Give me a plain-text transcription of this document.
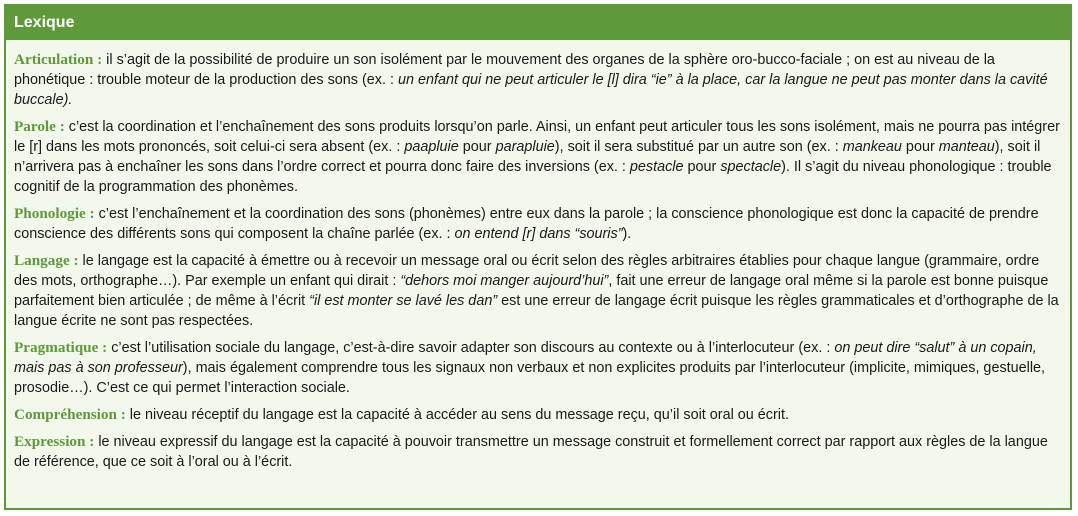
Lexique

Articulation : il s’agit de la possibilité de produire un son isolément par le mouvement des organes de la sphère oro-bucco-faciale ; on est au niveau de la phonétique : trouble moteur de la production des sons (ex. : un enfant qui ne peut articuler le [l] dira “ie” à la place, car la langue ne peut pas monter dans la cavité buccale).

Parole : c’est la coordination et l’enchaînement des sons produits lorsqu’on parle. Ainsi, un enfant peut articuler tous les sons isolément, mais ne pourra pas intégrer le [r] dans les mots prononcés, soit celui-ci sera absent (ex. : paapluie pour parapluie), soit il sera substitué par un autre son (ex. : mankeau pour manteau), soit il n’arrivera pas à enchaîner les sons dans l’ordre correct et pourra donc faire des inversions (ex. : pestacle pour spectacle). Il s’agit du niveau phonologique : trouble cognitif de la programmation des phonèmes.

Phonologie : c’est l’enchaînement et la coordination des sons (phonèmes) entre eux dans la parole ; la conscience phonologique est donc la capacité de prendre conscience des différents sons qui composent la chaîne parlée (ex. : on entend [r] dans “souris”).

Langage : le langage est la capacité à émettre ou à recevoir un message oral ou écrit selon des règles arbitraires établies pour chaque langue (grammaire, ordre des mots, orthographe…). Par exemple un enfant qui dirait : “dehors moi manger aujourd’hui”, fait une erreur de langage oral même si la parole est bonne puisque parfaitement bien articulée ; de même à l’écrit “il est monter se lavé les dan” est une erreur de langage écrit puisque les règles grammaticales et d’orthographe de la langue écrite ne sont pas respectées.

Pragmatique : c’est l’utilisation sociale du langage, c’est-à-dire savoir adapter son discours au contexte ou à l’interlocuteur (ex. : on peut dire “salut” à un copain, mais pas à son professeur), mais également comprendre tous les signaux non verbaux et non explicites produits par l’interlocuteur (implicite, mimiques, gestuelle, prosodie…). C’est ce qui permet l’interaction sociale.

Compréhension : le niveau réceptif du langage est la capacité à accéder au sens du message reçu, qu’il soit oral ou écrit.

Expression : le niveau expressif du langage est la capacité à pouvoir transmettre un message construit et formellement correct par rapport aux règles de la langue de référence, que ce soit à l’oral ou à l’écrit.
